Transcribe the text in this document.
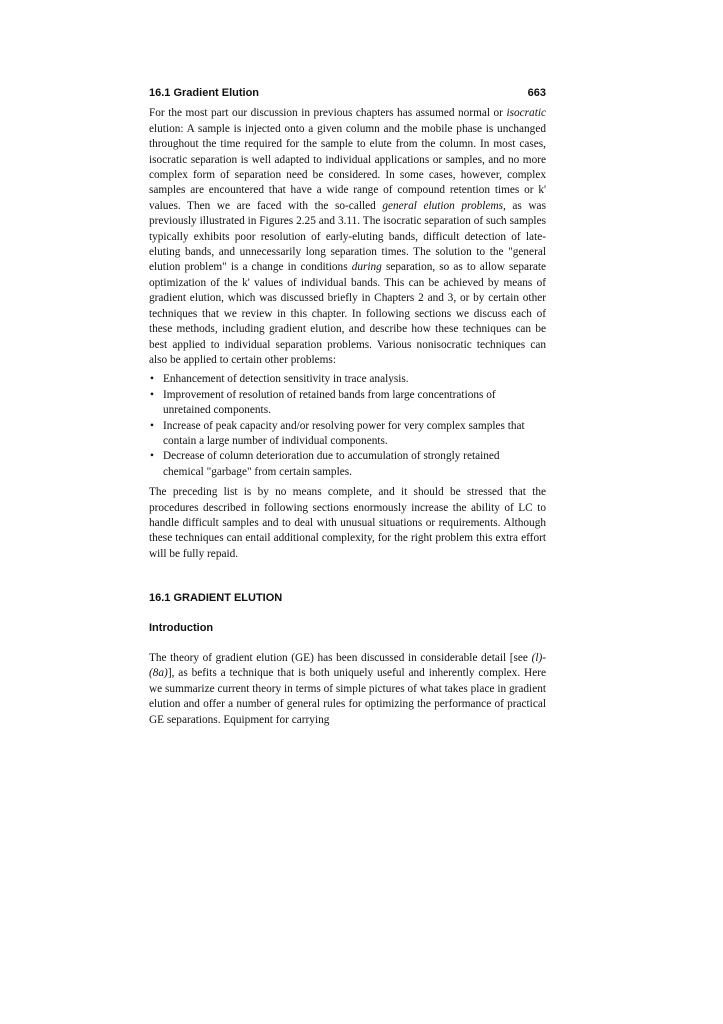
16.1 Gradient Elution	663

For the most part our discussion in previous chapters has assumed normal or isocratic elution: A sample is injected onto a given column and the mobile phase is unchanged throughout the time required for the sample to elute from the column. In most cases, isocratic separation is well adapted to individual applications or samples, and no more complex form of separation need be considered. In some cases, however, complex samples are encountered that have a wide range of compound retention times or k' values. Then we are faced with the so-called general elution problems, as was previously illustrated in Figures 2.25 and 3.11. The isocratic separation of such samples typically exhibits poor resolution of early-eluting bands, difficult detection of late-eluting bands, and unnecessarily long separation times. The solution to the "general elution problem" is a change in conditions during separation, so as to allow separate optimization of the k' values of individual bands. This can be achieved by means of gradient elution, which was discussed briefly in Chapters 2 and 3, or by certain other techniques that we review in this chapter. In following sections we discuss each of these methods, including gradient elution, and describe how these techniques can be best applied to individual separation problems. Various nonisocratic techniques can also be applied to certain other problems:

• Enhancement of detection sensitivity in trace analysis.
• Improvement of resolution of retained bands from large concentrations of unretained components.
• Increase of peak capacity and/or resolving power for very complex samples that contain a large number of individual components.
• Decrease of column deterioration due to accumulation of strongly retained chemical "garbage" from certain samples.

The preceding list is by no means complete, and it should be stressed that the procedures described in following sections enormously increase the ability of LC to handle difficult samples and to deal with unusual situations or requirements. Although these techniques can entail additional complexity, for the right problem this extra effort will be fully repaid.

16.1 GRADIENT ELUTION
Introduction

The theory of gradient elution (GE) has been discussed in considerable detail [see (l)-(8a)], as befits a technique that is both uniquely useful and inherently complex. Here we summarize current theory in terms of simple pictures of what takes place in gradient elution and offer a number of general rules for optimizing the performance of practical GE separations. Equipment for carrying
